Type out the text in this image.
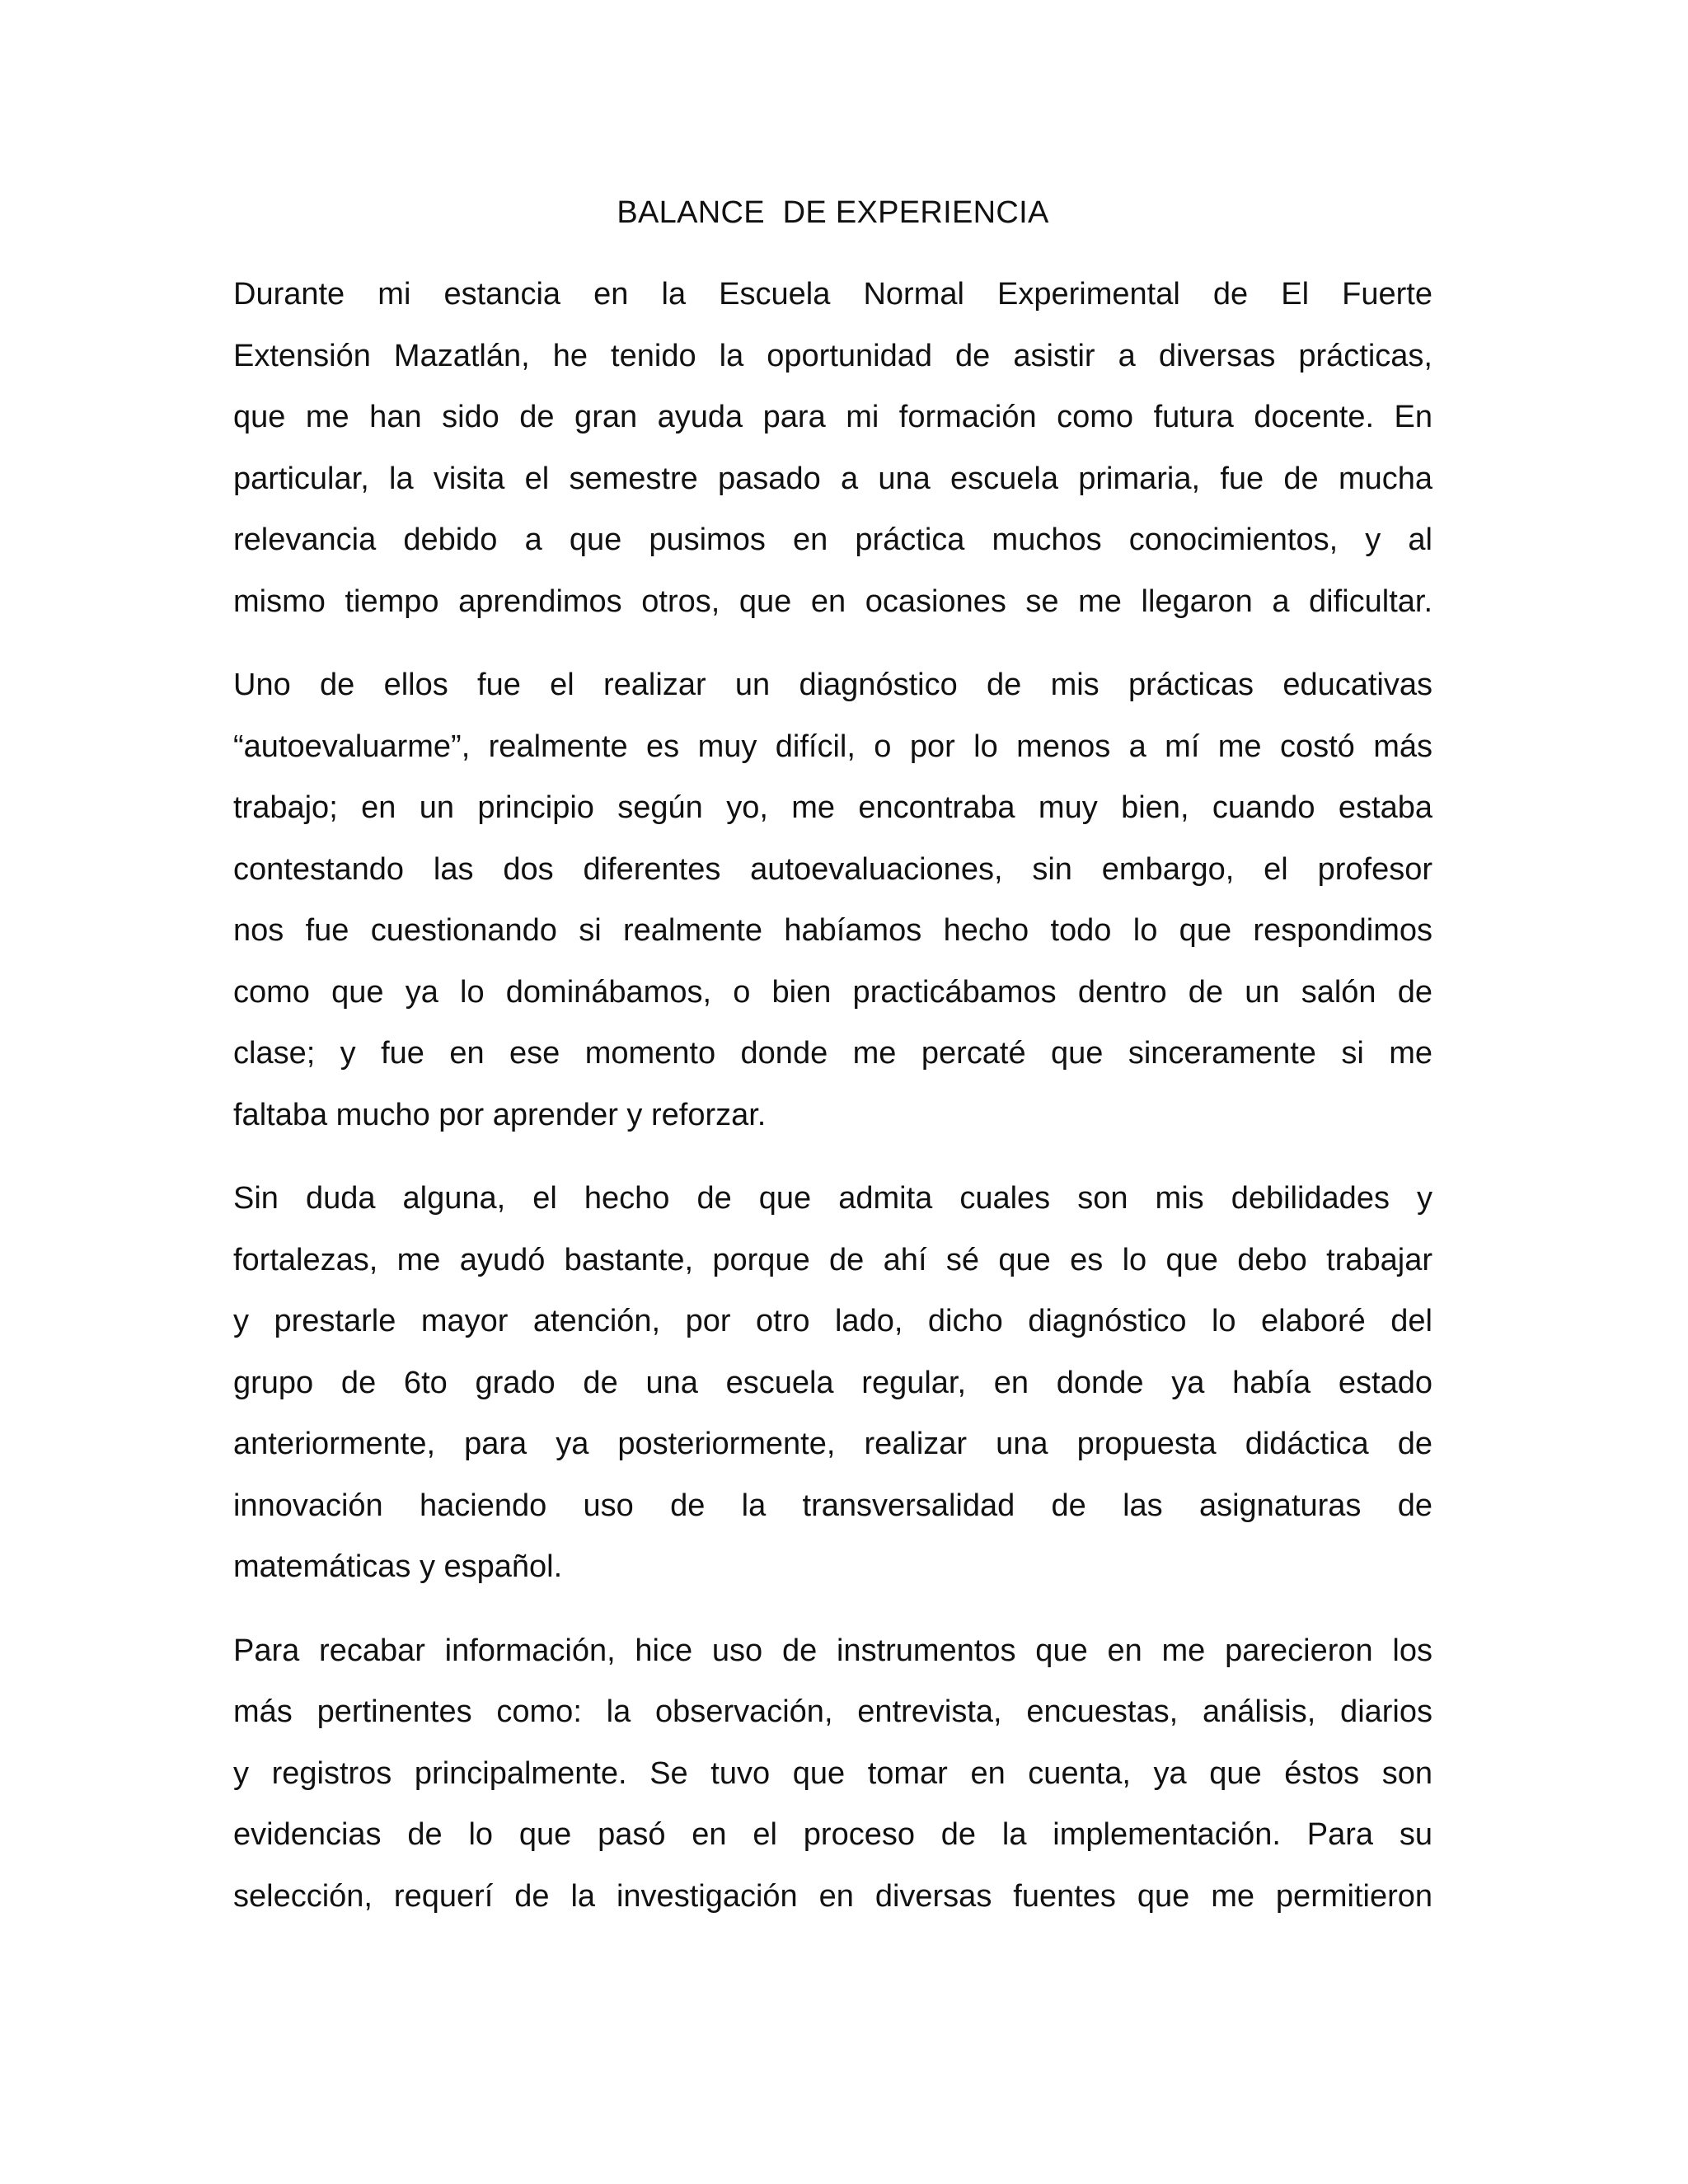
BALANCE  DE EXPERIENCIA
Durante mi estancia en la Escuela Normal Experimental de El Fuerte
Extensión Mazatlán, he tenido la oportunidad de asistir a diversas prácticas,
que me han sido de gran ayuda para mi formación como futura docente. En
particular, la visita el semestre pasado a una escuela primaria, fue de mucha
relevancia debido a que pusimos en práctica muchos conocimientos, y al
mismo tiempo aprendimos otros, que en ocasiones se me llegaron a dificultar.
Uno de ellos fue el realizar un diagnóstico de mis prácticas educativas
“autoevaluarme”, realmente es muy difícil, o por lo menos a mí me costó más
trabajo; en un principio según yo, me encontraba muy bien, cuando estaba
contestando las dos diferentes autoevaluaciones, sin embargo, el profesor
nos fue cuestionando si realmente habíamos hecho todo lo que respondimos
como que ya lo dominábamos, o bien practicábamos dentro de un salón de
clase; y fue en ese momento donde me percaté que sinceramente si me
faltaba mucho por aprender y reforzar.
Sin duda alguna, el hecho de que admita cuales son mis debilidades y
fortalezas, me ayudó bastante, porque de ahí sé que es lo que debo trabajar
y prestarle mayor atención, por otro lado, dicho diagnóstico lo elaboré del
grupo de 6to grado de una escuela regular, en donde ya había estado
anteriormente, para ya posteriormente, realizar una propuesta didáctica de
innovación haciendo uso de la transversalidad de las asignaturas de
matemáticas y español.
Para recabar información, hice uso de instrumentos que en me parecieron los
más pertinentes como: la observación, entrevista, encuestas, análisis, diarios
y registros principalmente. Se tuvo que tomar en cuenta, ya que éstos son
evidencias de lo que pasó en el proceso de la implementación. Para su
selección, requerí de la investigación en diversas fuentes que me permitieron
